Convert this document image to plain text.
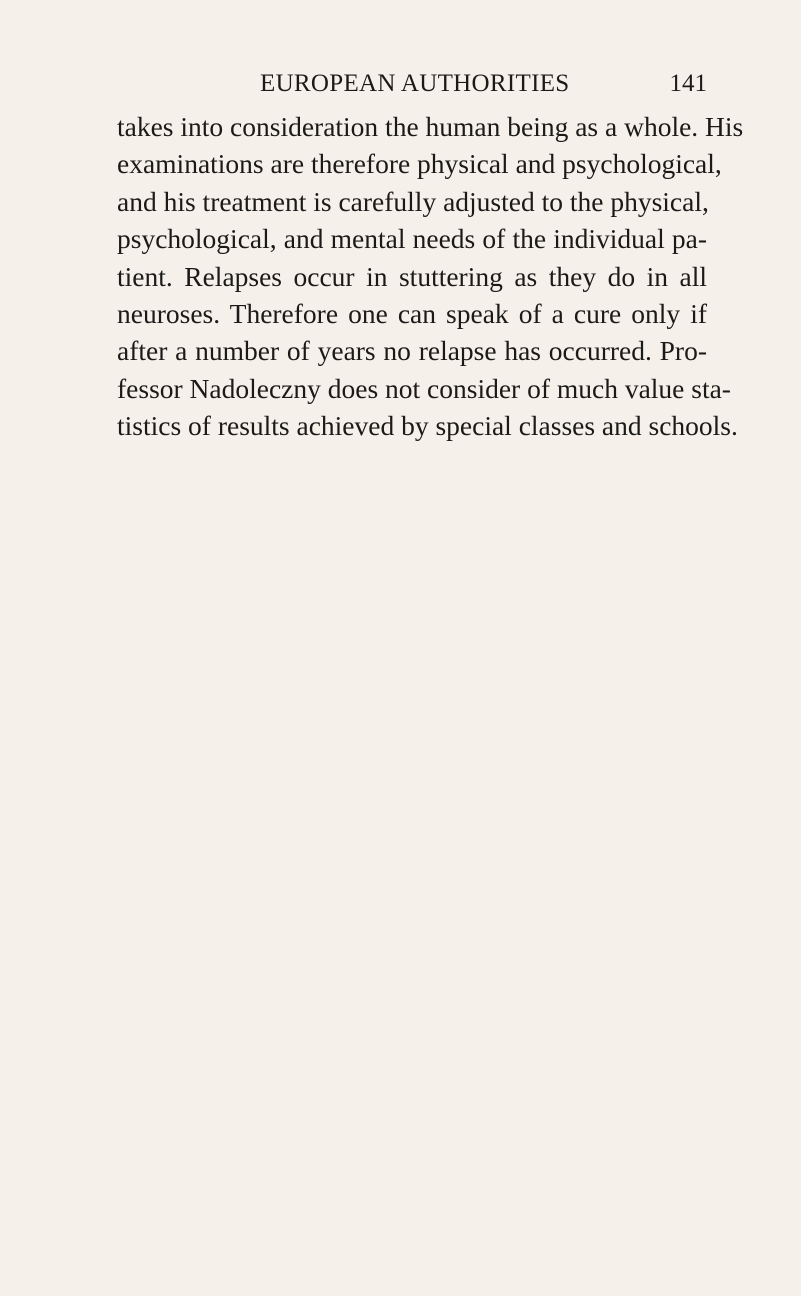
EUROPEAN AUTHORITIES	141
takes into consideration the human being as a whole. His
examinations are therefore physical and psychological,
and his treatment is carefully adjusted to the physical,
psychological, and mental needs of the individual pa-
tient. Relapses occur in stuttering as they do in all
neuroses. Therefore one can speak of a cure only if
after a number of years no relapse has occurred. Pro-
fessor Nadoleczny does not consider of much value sta-
tistics of results achieved by special classes and schools.
